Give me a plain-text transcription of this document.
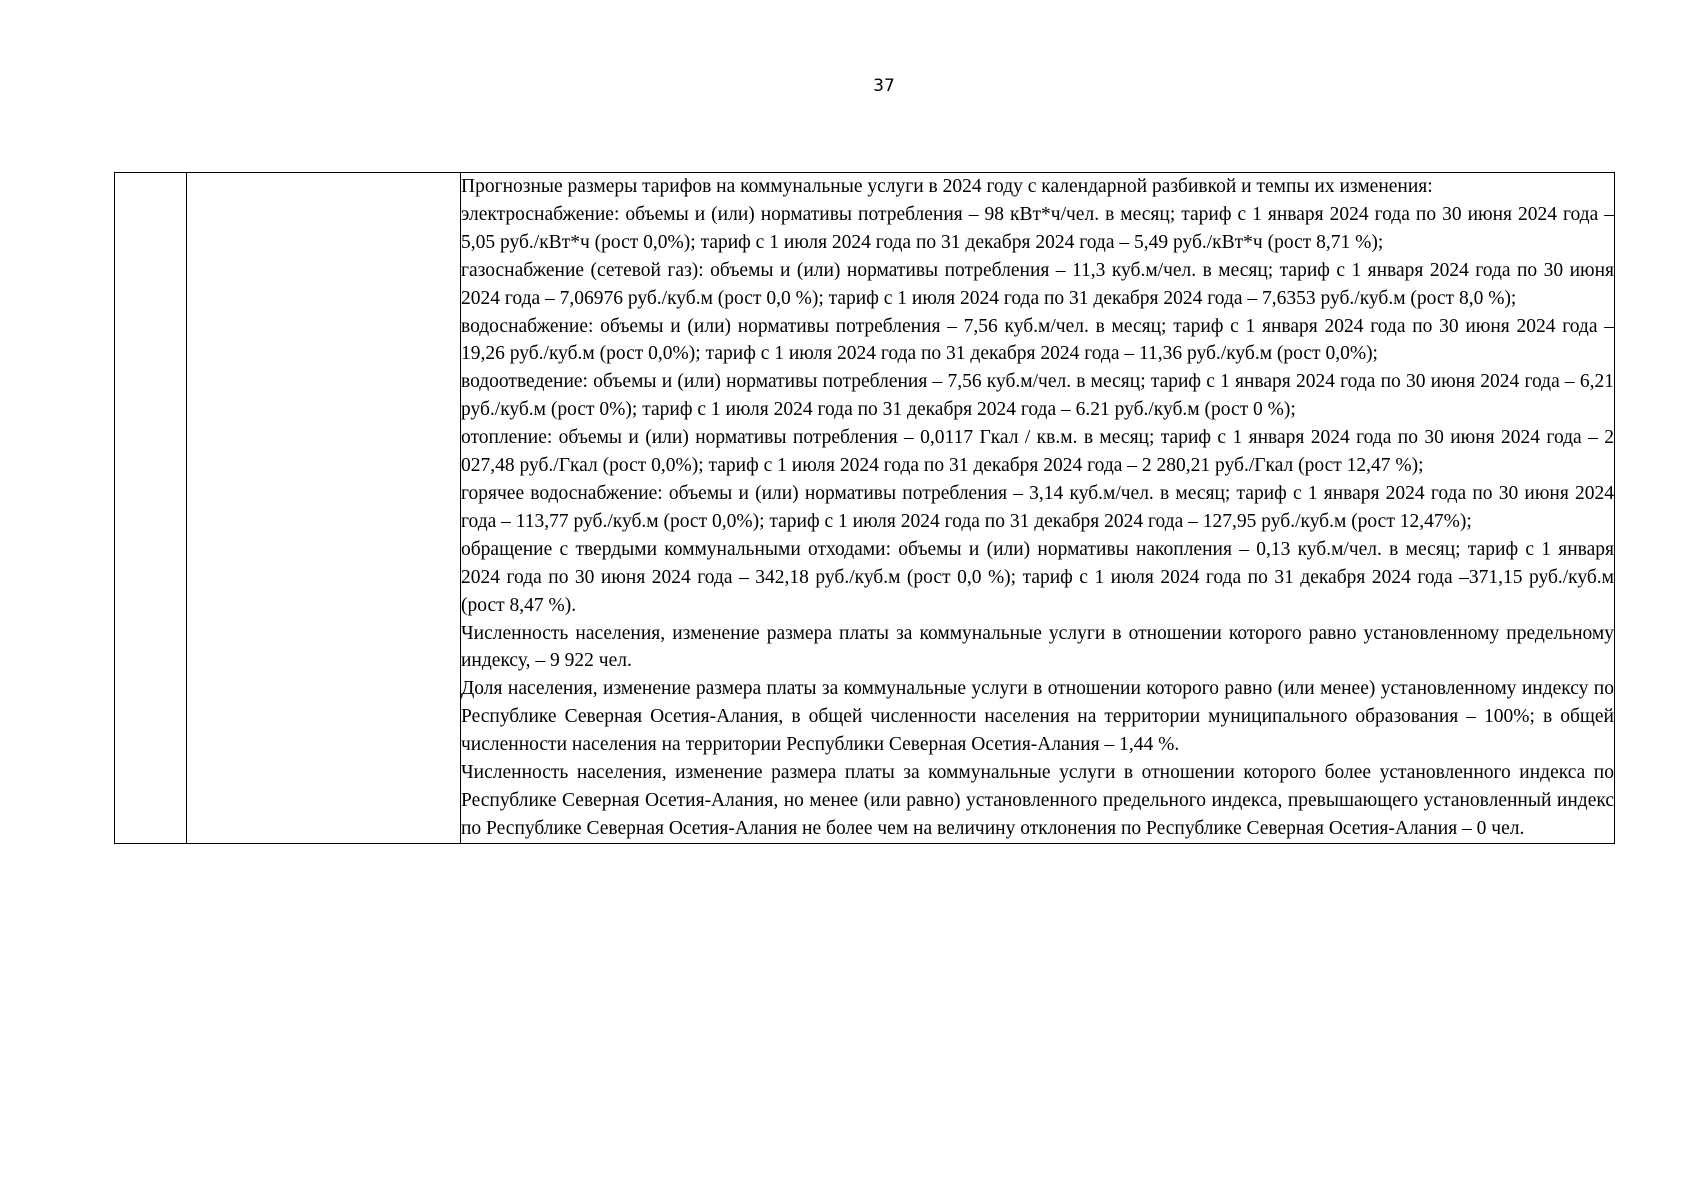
37

Прогнозные размеры тарифов на коммунальные услуги в 2024 году с календарной разбивкой и темпы их изменения:

электроснабжение: объемы и (или) нормативы потребления – 98 кВт*ч/чел. в месяц; тариф с 1 января 2024 года по 30 июня 2024 года – 5,05 руб./кВт*ч (рост 0,0%); тариф с 1 июля 2024 года по 31 декабря 2024 года – 5,49 руб./кВт*ч (рост 8,71 %);

газоснабжение (сетевой газ): объемы и (или) нормативы потребления – 11,3 куб.м/чел. в месяц; тариф с 1 января 2024 года по 30 июня 2024 года – 7,06976 руб./куб.м (рост 0,0 %); тариф с 1 июля 2024 года по 31 декабря 2024 года – 7,6353 руб./куб.м (рост 8,0 %);

водоснабжение: объемы и (или) нормативы потребления – 7,56 куб.м/чел. в месяц; тариф с 1 января 2024 года по 30 июня 2024 года – 19,26 руб./куб.м (рост 0,0%); тариф с 1 июля 2024 года по 31 декабря 2024 года – 11,36 руб./куб.м (рост 0,0%);

водоотведение: объемы и (или) нормативы потребления – 7,56 куб.м/чел. в месяц; тариф с 1 января 2024 года по 30 июня 2024 года – 6,21 руб./куб.м (рост 0%); тариф с 1 июля 2024 года по 31 декабря 2024 года – 6.21 руб./куб.м (рост 0 %);

отопление: объемы и (или) нормативы потребления – 0,0117 Гкал / кв.м. в месяц; тариф с 1 января 2024 года по 30 июня 2024 года – 2 027,48 руб./Гкал (рост 0,0%); тариф с 1 июля 2024 года по 31 декабря 2024 года – 2 280,21 руб./Гкал (рост 12,47 %);

горячее водоснабжение: объемы и (или) нормативы потребления – 3,14 куб.м/чел. в месяц; тариф с 1 января 2024 года по 30 июня 2024 года – 113,77 руб./куб.м (рост 0,0%); тариф с 1 июля 2024 года по 31 декабря 2024 года – 127,95 руб./куб.м (рост 12,47%);

обращение с твердыми коммунальными отходами: объемы и (или) нормативы накопления – 0,13 куб.м/чел. в месяц; тариф с 1 января 2024 года по 30 июня 2024 года – 342,18 руб./куб.м (рост 0,0 %); тариф с 1 июля 2024 года по 31 декабря 2024 года –371,15 руб./куб.м (рост 8,47 %).

Численность населения, изменение размера платы за коммунальные услуги в отношении которого равно установленному предельному индексу, – 9 922 чел.

Доля населения, изменение размера платы за коммунальные услуги в отношении которого равно (или менее) установленному индексу по Республике Северная Осетия-Алания, в общей численности населения на территории муниципального образования – 100%; в общей численности населения на территории Республики Северная Осетия-Алания – 1,44 %.

Численность населения, изменение размера платы за коммунальные услуги в отношении которого более установленного индекса по Республике Северная Осетия-Алания, но менее (или равно) установленного предельного индекса, превышающего установленный индекс по Республике Северная Осетия-Алания не более чем на величину отклонения по Республике Северная Осетия-Алания – 0 чел.
